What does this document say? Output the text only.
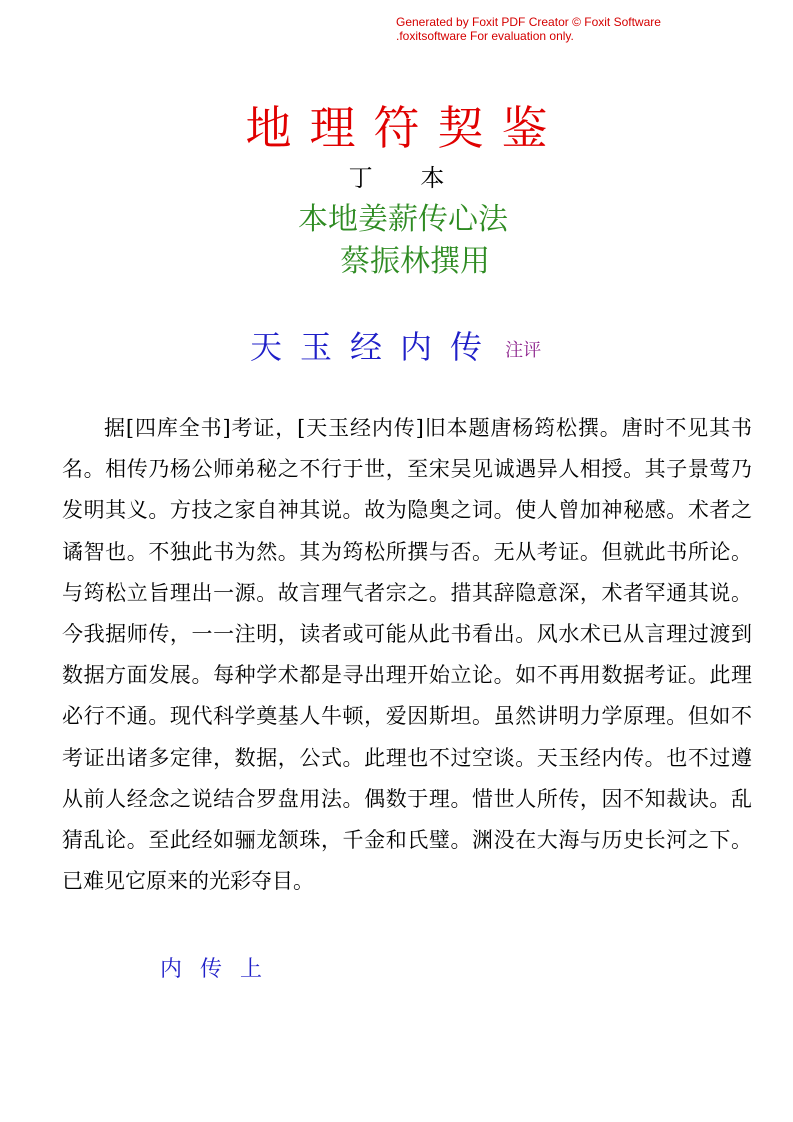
Generated by Foxit PDF Creator © Foxit Software
.foxitsoftware For evaluation only.
地理符契鉴
丁 本
本地姜薪传心法
蔡振林撰用
天玉经内传 注评
据[四库全书]考证，[天玉经内传]旧本题唐杨筠松撰。唐时不见其书名。相传乃杨公师弟秘之不行于世，至宋吴见诚遇异人相授。其子景莺乃发明其义。方技之家自神其说。故为隐奥之词。使人曾加神秘感。术者之谲智也。不独此书为然。其为筠松所撰与否。无从考证。但就此书所论。与筠松立旨理出一源。故言理气者宗之。措其辞隐意深，术者罕通其说。今我据师传，一一注明，读者或可能从此书看出。风水术已从言理过渡到数据方面发展。每种学术都是寻出理开始立论。如不再用数据考证。此理必行不通。现代科学奠基人牛顿，爱因斯坦。虽然讲明力学原理。但如不考证出诸多定律，数据，公式。此理也不过空谈。天玉经内传。也不过遵从前人经念之说结合罗盘用法。偶数于理。惜世人所传，因不知裁诀。乱猜乱论。至此经如骊龙颔珠，千金和氏璧。渊没在大海与历史长河之下。已难见它原来的光彩夺目。
内传上
